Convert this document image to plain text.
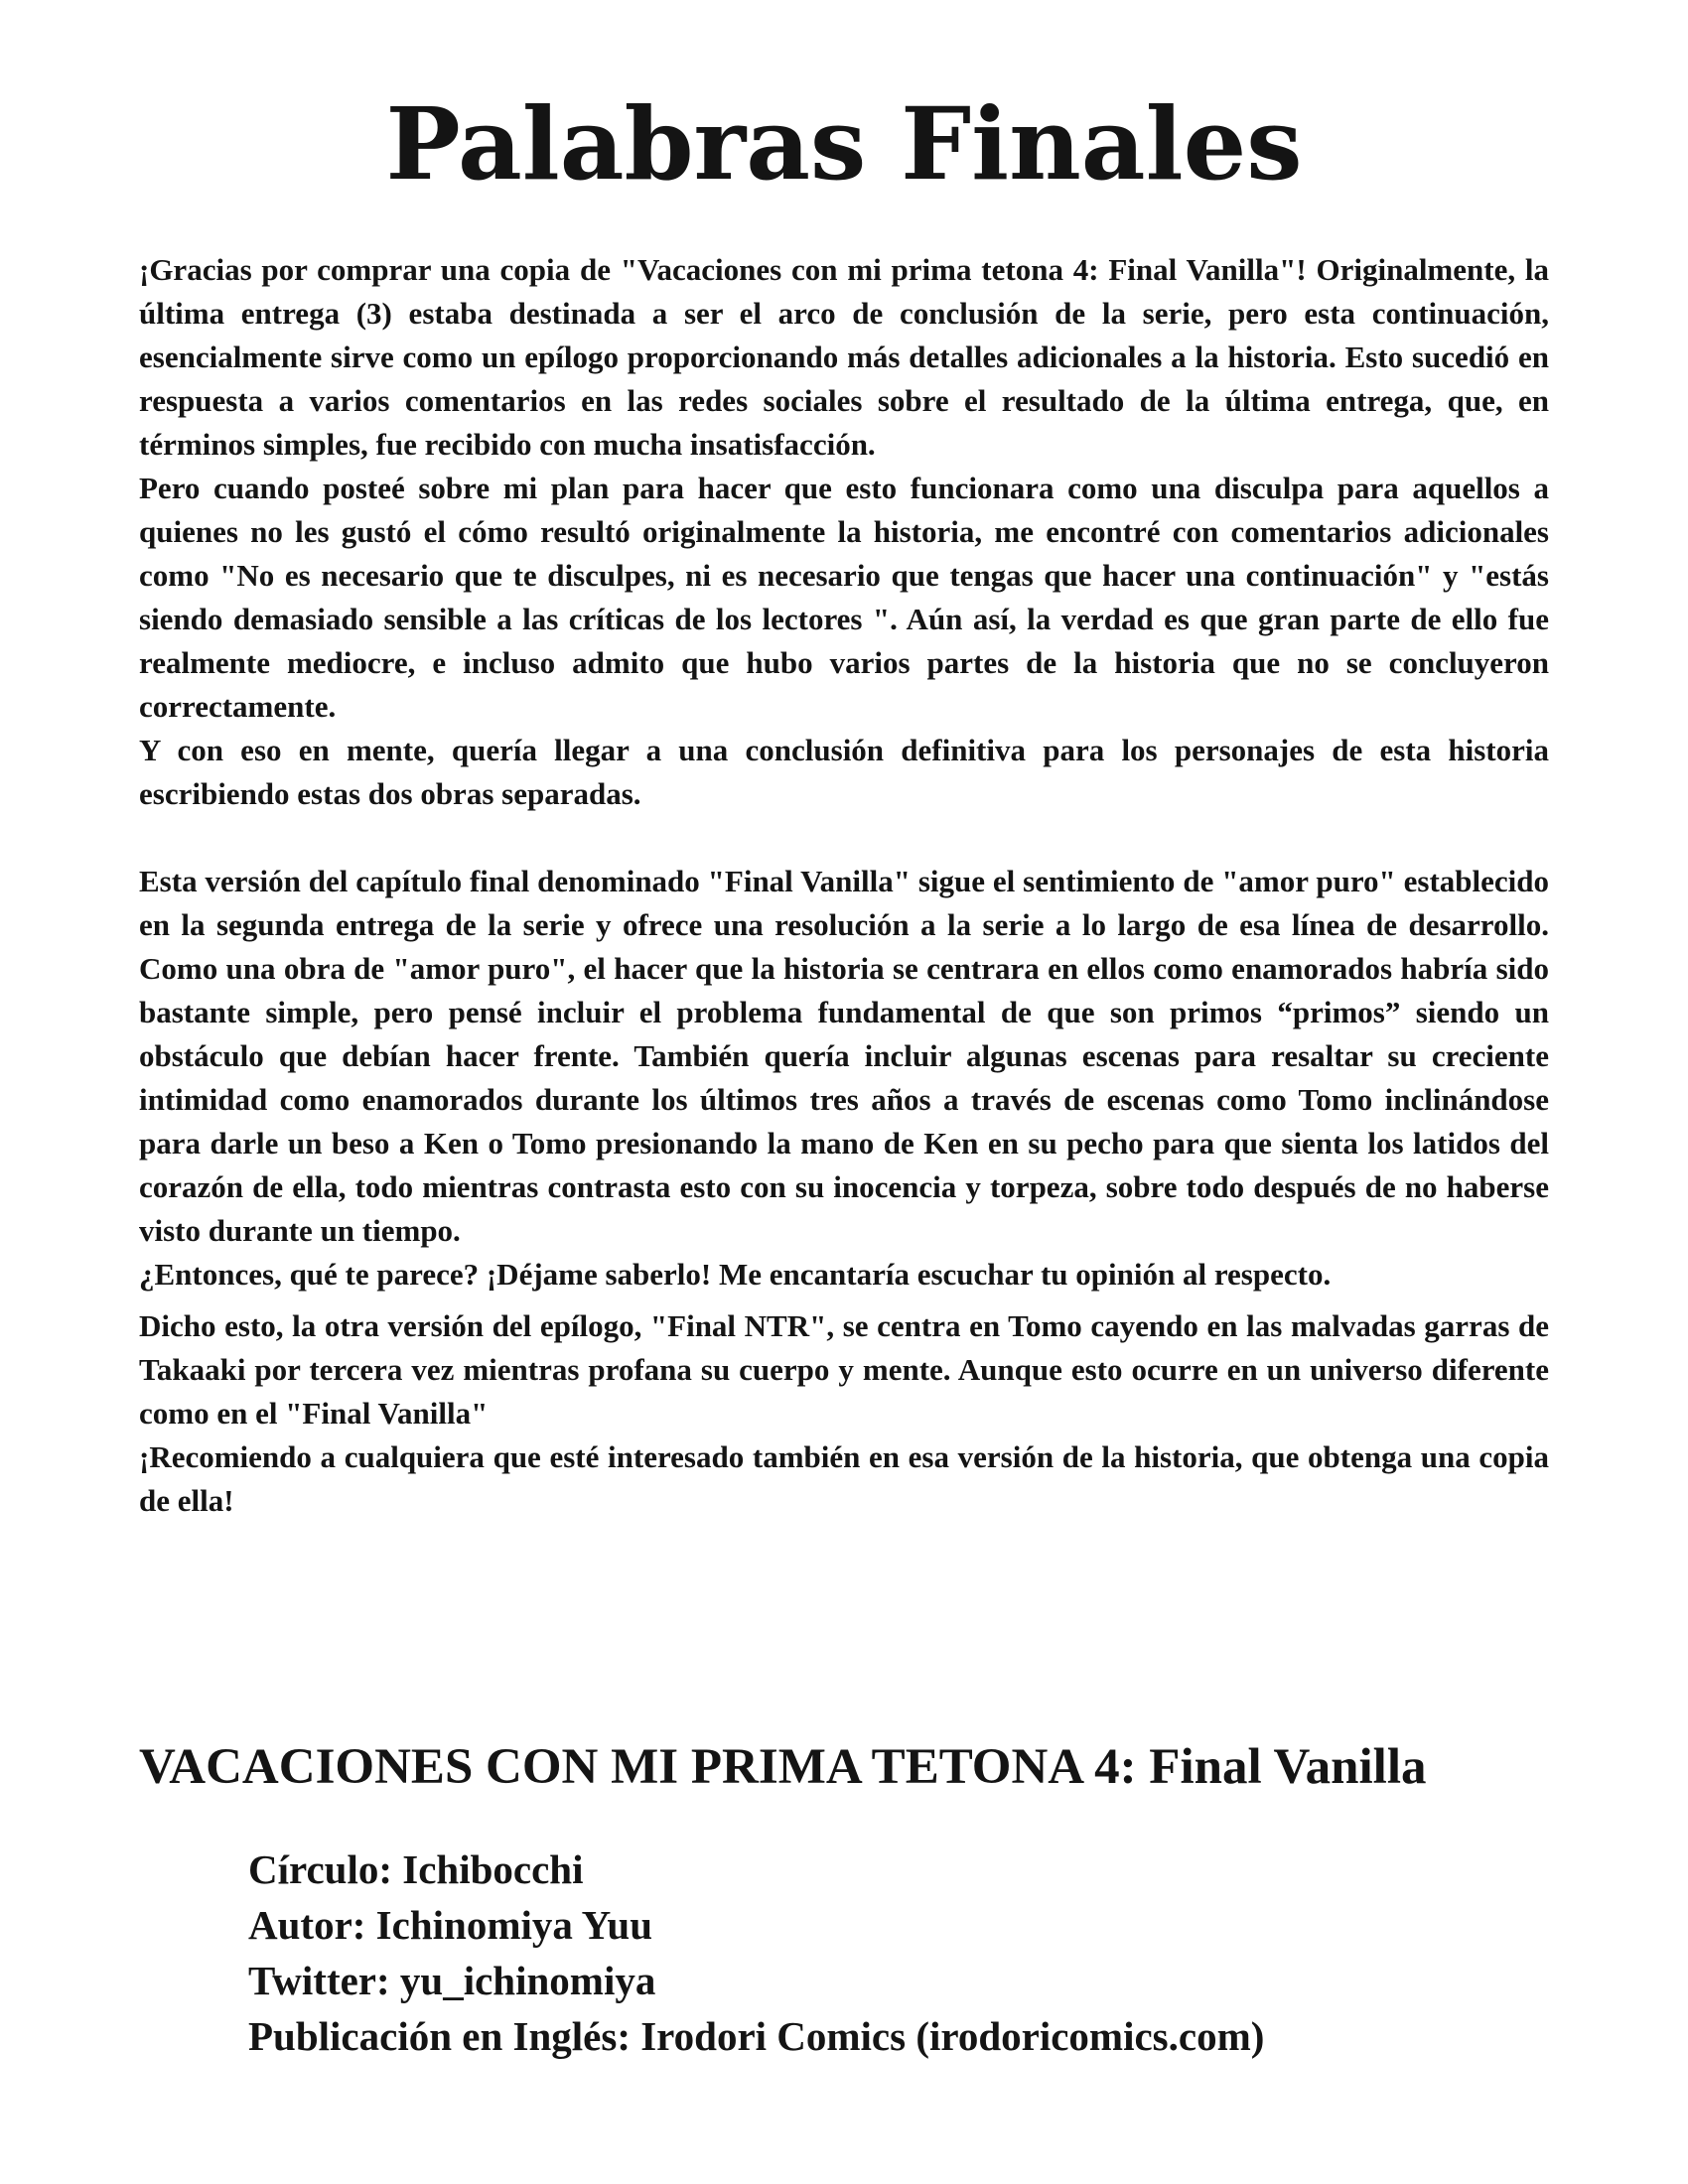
Palabras Finales

¡Gracias por comprar una copia de "Vacaciones con mi prima tetona 4: Final Vanilla"! Originalmente, la última entrega (3) estaba destinada a ser el arco de conclusión de la serie, pero esta continuación, esencialmente sirve como un epílogo proporcionando más detalles adicionales a la historia. Esto sucedió en respuesta a varios comentarios en las redes sociales sobre el resultado de la última entrega, que, en términos simples, fue recibido con mucha insatisfacción.

Pero cuando posteé sobre mi plan para hacer que esto funcionara como una disculpa para aquellos a quienes no les gustó el cómo resultó originalmente la historia, me encontré con comentarios adicionales como "No es necesario que te disculpes, ni es necesario que tengas que hacer una continuación" y "estás siendo demasiado sensible a las críticas de los lectores ". Aún así, la verdad es que gran parte de ello fue realmente mediocre, e incluso admito que hubo varios partes de la historia que no se concluyeron correctamente.

Y con eso en mente, quería llegar a una conclusión definitiva para los personajes de esta historia escribiendo estas dos obras separadas.

Esta versión del capítulo final denominado "Final Vanilla" sigue el sentimiento de "amor puro" establecido en la segunda entrega de la serie y ofrece una resolución a la serie a lo largo de esa línea de desarrollo. Como una obra de "amor puro", el hacer que la historia se centrara en ellos como enamorados habría sido bastante simple, pero pensé incluir el problema fundamental de que son primos “primos” siendo un obstáculo que debían hacer frente. También quería incluir algunas escenas para resaltar su creciente intimidad como enamorados durante los últimos tres años a través de escenas como Tomo inclinándose para darle un beso a Ken o Tomo presionando la mano de Ken en su pecho para que sienta los latidos del corazón de ella, todo mientras contrasta esto con su inocencia y torpeza, sobre todo después de no haberse visto durante un tiempo.

¿Entonces, qué te parece? ¡Déjame saberlo! Me encantaría escuchar tu opinión al respecto.

Dicho esto, la otra versión del epílogo, "Final NTR", se centra en Tomo cayendo en las malvadas garras de Takaaki por tercera vez mientras profana su cuerpo y mente. Aunque esto ocurre en un universo diferente como en el "Final Vanilla"

¡Recomiendo a cualquiera que esté interesado también en esa versión de la historia, que obtenga una copia de ella!

VACACIONES CON MI PRIMA TETONA 4: Final Vanilla
Círculo: Ichibocchi
Autor: Ichinomiya Yuu
Twitter: yu_ichinomiya
Publicación en Inglés: Irodori Comics (irodoricomics.com)
